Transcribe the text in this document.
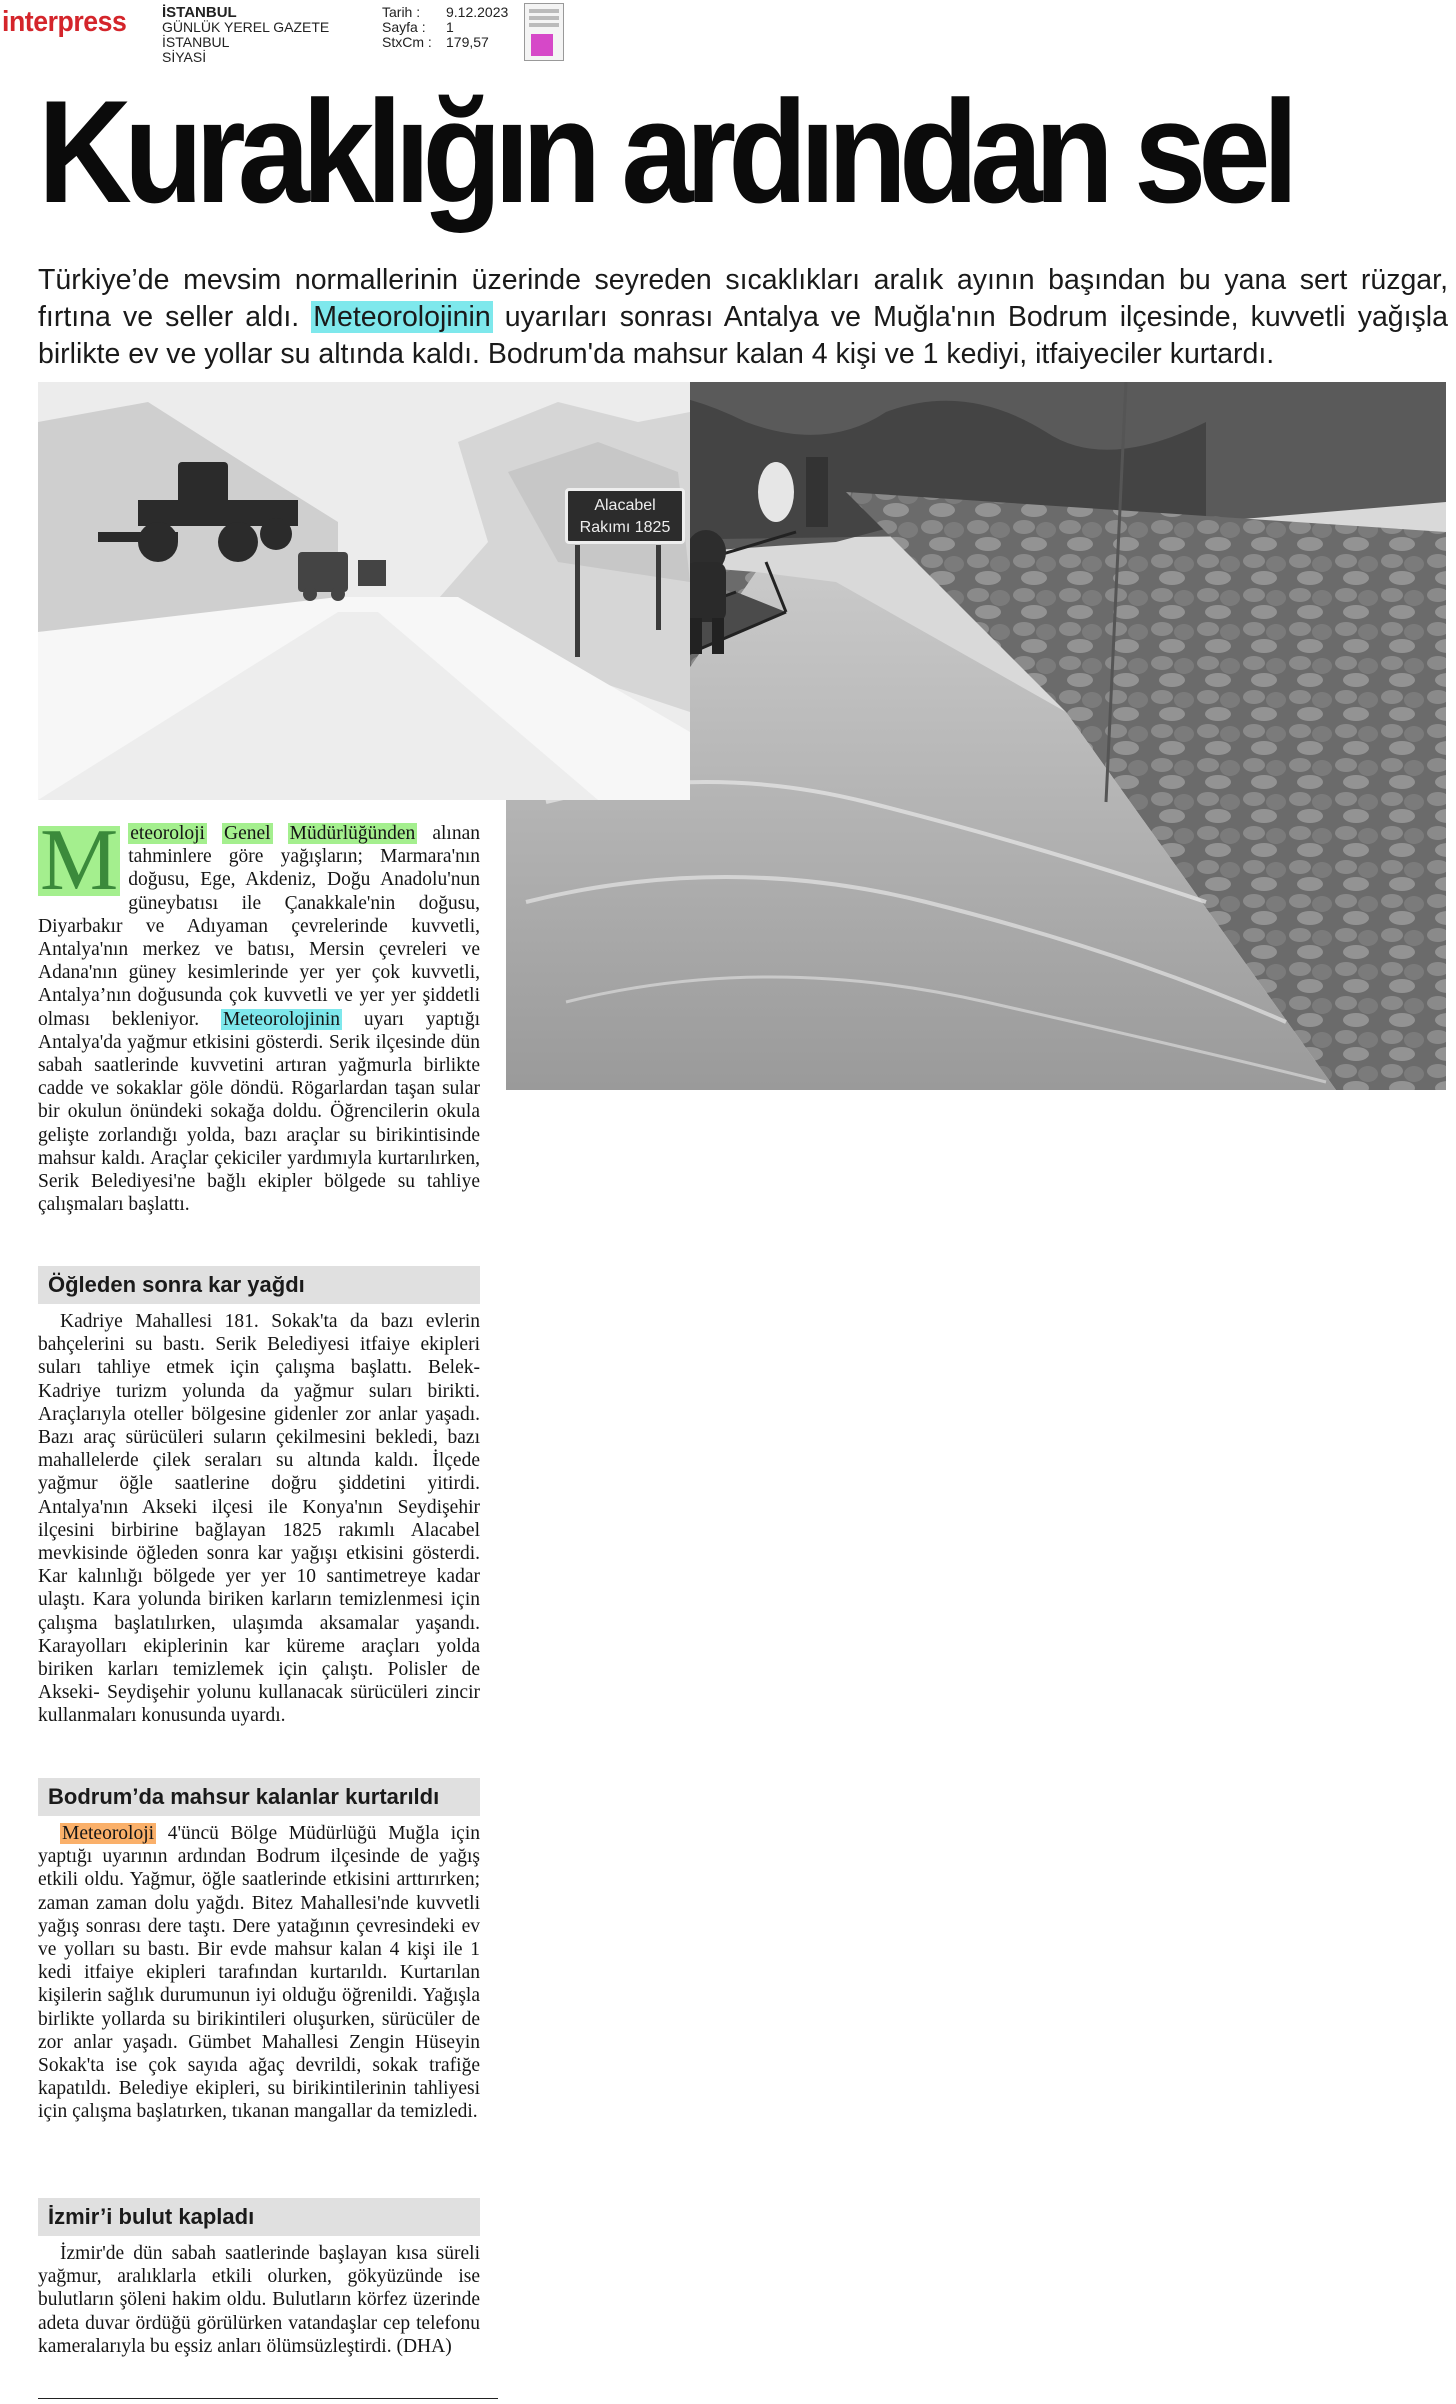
interpress İSTANBUL
GÜNLÜK YEREL GAZETE
İSTANBUL
SİYASİ
Tarih :	9.12.2023
Sayfa :	1
StxCm :	179,57
Kuraklığın ardından sel
Türkiye’de mevsim normallerinin üzerinde seyreden sıcaklıkları aralık ayının başından bu yana sert rüzgar, fırtına ve seller aldı. Meteorolojinin uyarıları sonrası Antalya ve Muğla'nın Bodrum ilçesinde, kuvvetli yağışla birlikte ev ve yollar su altında kaldı. Bodrum'da mahsur kalan 4 kişi ve 1 kediyi, itfaiyeciler kurtardı.
Alacabel
Rakımı 1825
M eteoroloji Genel Müdürlüğünden alınan tahminlere göre yağışların; Marmara'nın doğusu, Ege, Akdeniz, Doğu Anadolu'nun güneybatısı ile Çanakkale'nin doğusu, Diyarbakır ve Adıyaman çevrelerinde kuvvetli, Antalya'nın merkez ve batısı, Mersin çevreleri ve Adana'nın güney kesimlerinde yer yer çok kuvvetli, Antalya’nın doğusunda çok kuvvetli ve yer yer şiddetli olması bekleniyor. Meteorolojinin uyarı yaptığı Antalya'da yağmur etkisini gösterdi. Serik ilçesinde dün sabah saatlerinde kuvvetini artıran yağmurla birlikte cadde ve sokaklar göle döndü. Rögarlardan taşan sular bir okulun önündeki sokağa doldu. Öğrencilerin okula gelişte zorlandığı yolda, bazı araçlar su birikintisinde mahsur kaldı. Araçlar çekiciler yardımıyla kurtarılırken, Serik Belediyesi'ne bağlı ekipler bölgede su tahliye çalışmaları başlattı.
Öğleden sonra kar yağdı

Kadriye Mahallesi 181. Sokak'ta da bazı evlerin bahçelerini su bastı. Serik Belediyesi itfaiye ekipleri suları tahliye etmek için çalışma başlattı. Belek- Kadriye turizm yolunda da yağmur suları birikti. Araçlarıyla oteller bölgesine gidenler zor anlar yaşadı. Bazı araç sürücüleri suların çekilmesini bekledi, bazı mahallelerde çilek seraları su altında kaldı. İlçede yağmur öğle saatlerine doğru şiddetini yitirdi. Antalya'nın Akseki ilçesi ile Konya'nın Seydişehir ilçesini birbirine bağlayan 1825 rakımlı Alacabel mevkisinde öğleden sonra kar yağışı etkisini gösterdi. Kar kalınlığı bölgede yer yer 10 santimetreye kadar ulaştı. Kara yolunda biriken karların temizlenmesi için çalışma başlatılırken, ulaşımda aksamalar yaşandı. Karayolları ekiplerinin kar küreme araçları yolda biriken karları temizlemek için çalıştı. Polisler de Akseki- Seydişehir yolunu kullanacak sürücüleri zincir kullanmaları konusunda uyardı.

Bodrum’da mahsur kalanlar kurtarıldı

Meteoroloji 4'üncü Bölge Müdürlüğü Muğla için yaptığı uyarının ardından Bodrum ilçesinde de yağış etkili oldu. Yağmur, öğle saatlerinde etkisini arttırırken; zaman zaman dolu yağdı. Bitez Mahallesi'nde kuvvetli yağış sonrası dere taştı. Dere yatağının çevresindeki ev ve yolları su bastı. Bir evde mahsur kalan 4 kişi ile 1 kedi itfaiye ekipleri tarafından kurtarıldı. Kurtarılan kişilerin sağlık durumunun iyi olduğu öğrenildi. Yağışla birlikte yollarda su birikintileri oluşurken, sürücüler de zor anlar yaşadı. Gümbet Mahallesi Zengin Hüseyin Sokak'ta ise çok sayıda ağaç devrildi, sokak trafiğe kapatıldı. Belediye ekipleri, su birikintilerinin tahliyesi için çalışma başlatırken, tıkanan mangallar da temizledi.

İzmir’i bulut kapladı

İzmir'de dün sabah saatlerinde başlayan kısa süreli yağmur, aralıklarla etkili olurken, gökyüzünde ise bulutların şöleni hakim oldu. Bulutların körfez üzerinde adeta duvar ördüğü görülürken vatandaşlar cep telefonu kameralarıyla bu eşsiz anları ölümsüzleştirdi. (DHA)
